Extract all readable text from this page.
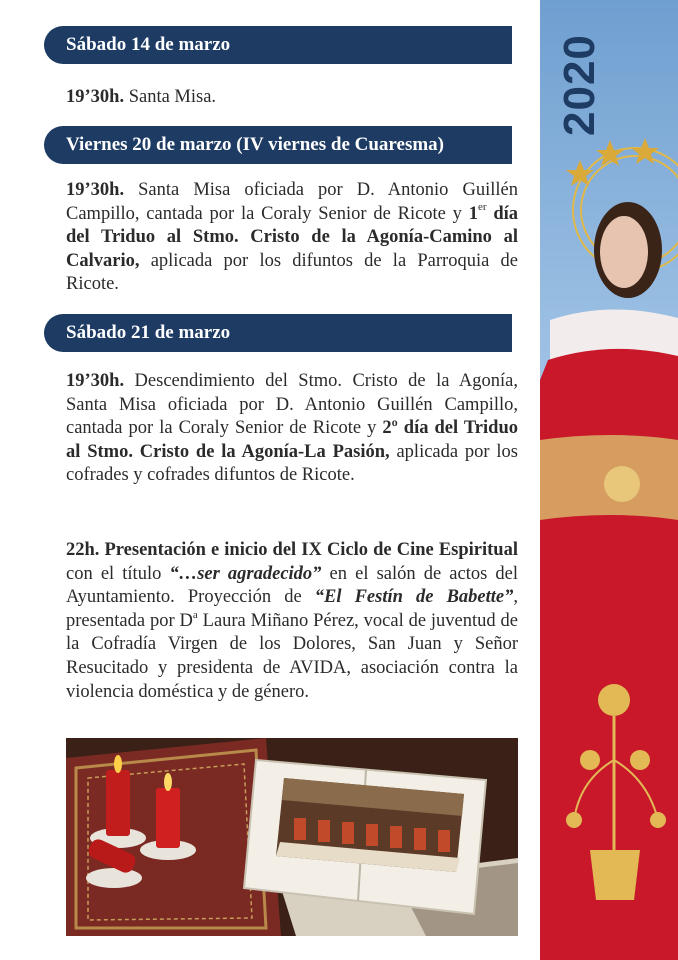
Sábado 14 de marzo

19’30h. Santa Misa.

Viernes 20 de marzo (IV viernes de Cuaresma)

19’30h. Santa Misa oficiada por D. Antonio Guillén Campillo, cantada por la Coraly Senior de Ricote y 1er día del Triduo al Stmo. Cristo de la Agonía-Camino al Calvario, aplicada por los difuntos de la Parroquia de Ricote.

Sábado 21 de marzo

19’30h. Descendimiento del Stmo. Cristo de la Agonía, Santa Misa oficiada por D. Antonio Guillén Campillo, cantada por la Coraly Senior de Ricote y 2º día del Triduo al Stmo. Cristo de la Agonía-La Pasión, aplicada por los cofrades y cofrades difuntos de Ricote.

22h. Presentación e inicio del IX Ciclo de Cine Espiritual con el título “…ser agradecido” en el salón de actos del Ayuntamiento. Proyección de “El Festín de Babette”, presentada por $D^a$ Laura Miñano Pérez, vocal de juventud de la Cofradía Virgen de los Dolores, San Juan y Señor Resucitado y presidenta de AVIDA, asociación contra la violencia doméstica y de género.

2020
